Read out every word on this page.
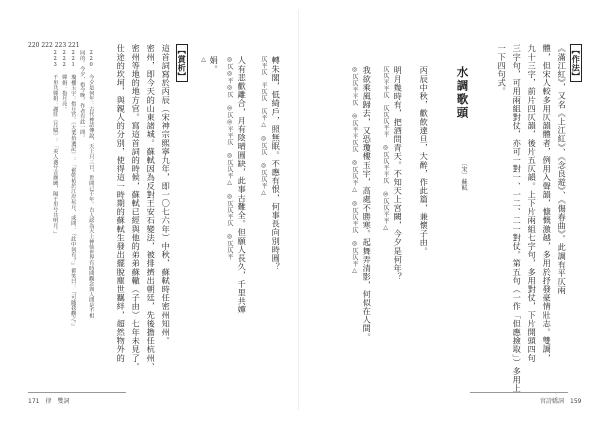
【作法】
《滿江紅》，又名《上江紅》、《念良遊》、《傷春曲》。此調有平仄兩
體，但宋人較多用仄韻體者，例用入聲韻，慷慨激越，多用於抒發豪情壯志。雙調，
九十三字，前片四仄韻，後片五仄韻。上下片兩組七字句，多用對仗，下片開頭四句
三字句，可用兩組對仗，亦可一對一、一二、二一對仗。第五句（一作「但應撿取」）多用上
一下四句式。
水調歌頭
〔宋〕蘇軾
丙辰中秋，歡飲達旦，大醉，作此篇，兼懷子由。
明月幾時有，把酒問青天。不知天上宮闕，今夕是何年？
仄仄平平仄　仄仄仄平平　◎仄仄平平仄　◎仄仄平平△
我欲乘風歸去，又恐瓊樓玉宇，高處不勝寒。起舞弄清影，何似在人間。
◎仄仄平平仄　◎仄平平仄仄　◎仄仄平△　◎仄仄平仄　◎仄仄平△
宮詩嬌詞　159
轉朱閣，低綺戶，照無眠。不應有恨，何事長向別時圓？
仄平仄　平仄仄　仄平△　◎仄仄　◎仄仄平△
人有悲歡離合，月有陰晴圓缺，此事古難全。但願人長久，千里共嬋
◎仄◎平◎仄　◎仄◎平平仄　◎仄仄平△　◎仄仄平仄　◎仄仄平
娟。
△
【賞析】
這首詞寫於丙辰（宋神宗熙寧九年，即一〇七六年）中秋，蘇軾時任密州知州。
密州，即今天的山東諸城。蘇軾因為反對王安石變法，被排擠出朝廷，先後擔任杭州、
密州等地的地方官。寫這首詞的時候，蘇軾已經與他的弟弟蘇轍（子由）七年未見了。
仕途的坎坷，與親人的分別，使得這一時期的蘇軾生發出擺脫塵世羈絆，超然物外的
220 今夕是何年：古代神話傳說，天上只三日，世間已千年。古人認為天上神仙世界有時間觀念與人間是不相
同的。今夕，指今晚。作者有此一問。
221 瓊樓玉宇：指月宮。《大業拾遺記》：「翟乾祐於江岸玩月，或問：『此中何有？』翟笑曰：『可隨我觀之。』
222 嬋娟：指月亮。
223 千里共嬋娟：謝莊《月賦》：「美人邁兮音塵闕，隔千里兮共明月。」
220 222 223 221
171　律　雙詞
